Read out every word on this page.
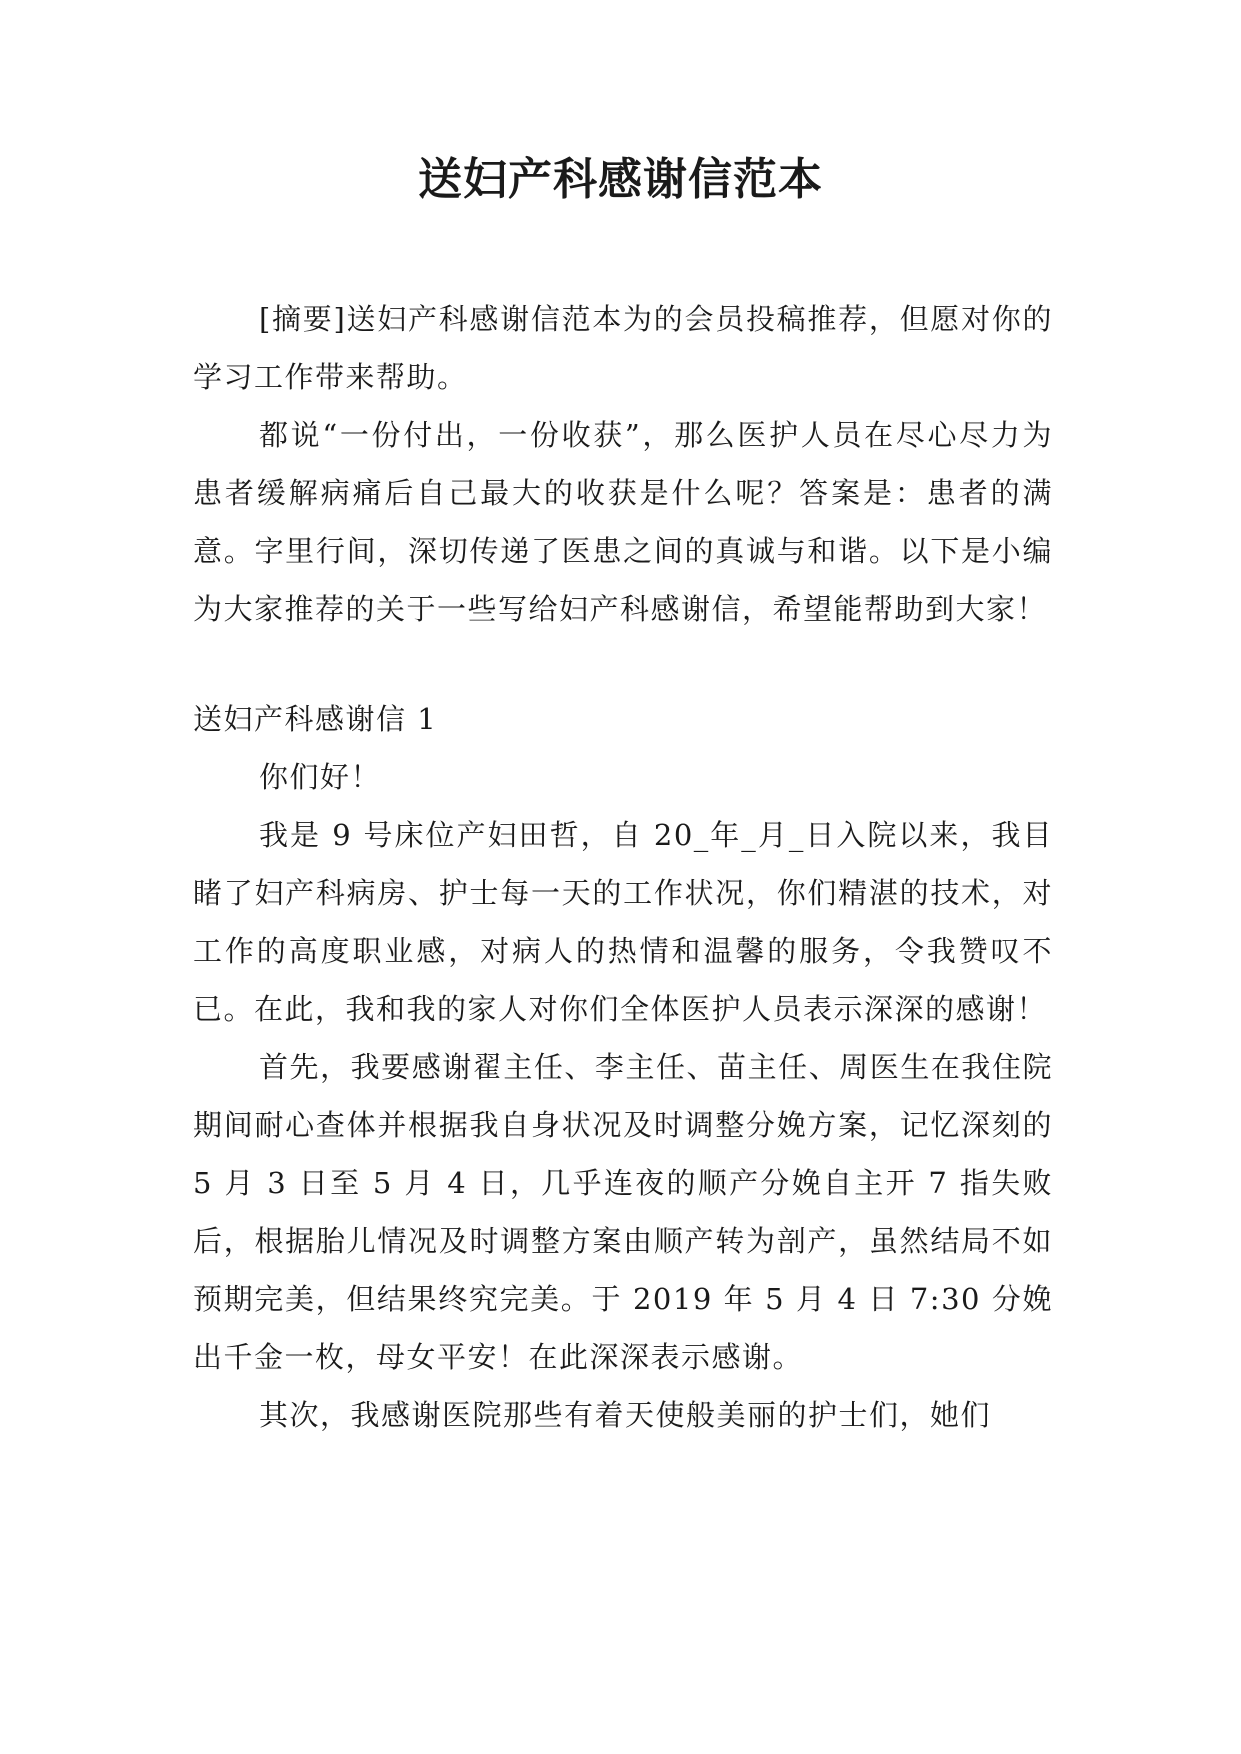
送妇产科感谢信范本

[摘要]送妇产科感谢信范本为的会员投稿推荐，但愿对你的学习工作带来帮助。

都说“一份付出，一份收获”，那么医护人员在尽心尽力为患者缓解病痛后自己最大的收获是什么呢？答案是：患者的满意。字里行间，深切传递了医患之间的真诚与和谐。以下是小编为大家推荐的关于一些写给妇产科感谢信，希望能帮助到大家！

送妇产科感谢信 1

你们好！

我是 9 号床位产妇田哲，自 20_年_月_日入院以来，我目睹了妇产科病房、护士每一天的工作状况，你们精湛的技术，对工作的高度职业感，对病人的热情和温馨的服务，令我赞叹不已。在此，我和我的家人对你们全体医护人员表示深深的感谢！

首先，我要感谢翟主任、李主任、苗主任、周医生在我住院期间耐心查体并根据我自身状况及时调整分娩方案，记忆深刻的 5 月 3 日至 5 月 4 日，几乎连夜的顺产分娩自主开 7 指失败后，根据胎儿情况及时调整方案由顺产转为剖产，虽然结局不如预期完美，但结果终究完美。于 2019 年 5 月 4 日 7:30 分娩出千金一枚，母女平安！在此深深表示感谢。

其次，我感谢医院那些有着天使般美丽的护士们，她们
